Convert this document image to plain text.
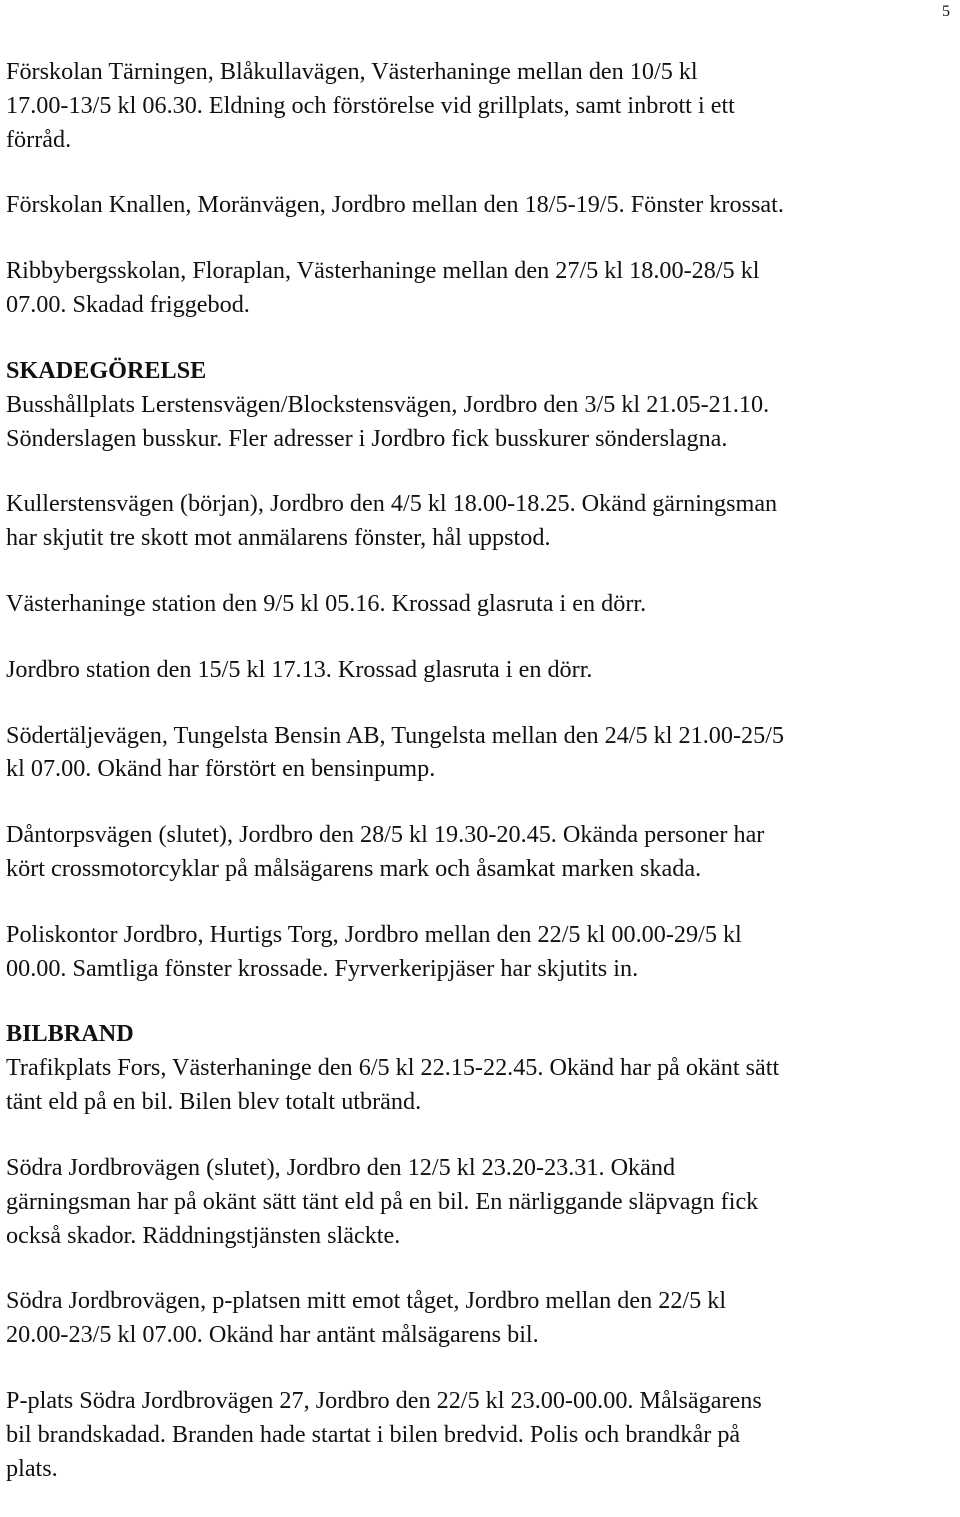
5

Förskolan Tärningen, Blåkullavägen, Västerhaninge mellan den 10/5 kl
17.00-13/5 kl 06.30. Eldning och förstörelse vid grillplats, samt inbrott i ett
förråd.

Förskolan Knallen, Moränvägen, Jordbro mellan den 18/5-19/5. Fönster krossat.

Ribbybergsskolan, Floraplan, Västerhaninge mellan den 27/5 kl 18.00-28/5 kl
07.00. Skadad friggebod.

SKADEGÖRELSE

Busshållplats Lerstensvägen/Blockstensvägen, Jordbro den 3/5 kl 21.05-21.10.
Sönderslagen busskur. Fler adresser i Jordbro fick busskurer sönderslagna.

Kullerstensvägen (början), Jordbro den 4/5 kl 18.00-18.25. Okänd gärningsman
har skjutit tre skott mot anmälarens fönster, hål uppstod.

Västerhaninge station den 9/5 kl 05.16. Krossad glasruta i en dörr.

Jordbro station den 15/5 kl 17.13. Krossad glasruta i en dörr.

Södertäljevägen, Tungelsta Bensin AB, Tungelsta mellan den 24/5 kl 21.00-25/5
kl 07.00. Okänd har förstört en bensinpump.

Dåntorpsvägen (slutet), Jordbro den 28/5 kl 19.30-20.45. Okända personer har
kört crossmotorcyklar på målsägarens mark och åsamkat marken skada.

Poliskontor Jordbro, Hurtigs Torg, Jordbro mellan den 22/5 kl 00.00-29/5 kl
00.00. Samtliga fönster krossade. Fyrverkeripjäser har skjutits in.

BILBRAND

Trafikplats Fors, Västerhaninge den 6/5 kl 22.15-22.45. Okänd har på okänt sätt
tänt eld på en bil. Bilen blev totalt utbränd.

Södra Jordbrovägen (slutet), Jordbro den 12/5 kl 23.20-23.31. Okänd
gärningsman har på okänt sätt tänt eld på en bil. En närliggande släpvagn fick
också skador. Räddningstjänsten släckte.

Södra Jordbrovägen, p-platsen mitt emot tåget, Jordbro mellan den 22/5 kl
20.00-23/5 kl 07.00. Okänd har antänt målsägarens bil.

P-plats Södra Jordbrovägen 27, Jordbro den 22/5 kl 23.00-00.00. Målsägarens
bil brandskadad. Branden hade startat i bilen bredvid. Polis och brandkår på
plats.
